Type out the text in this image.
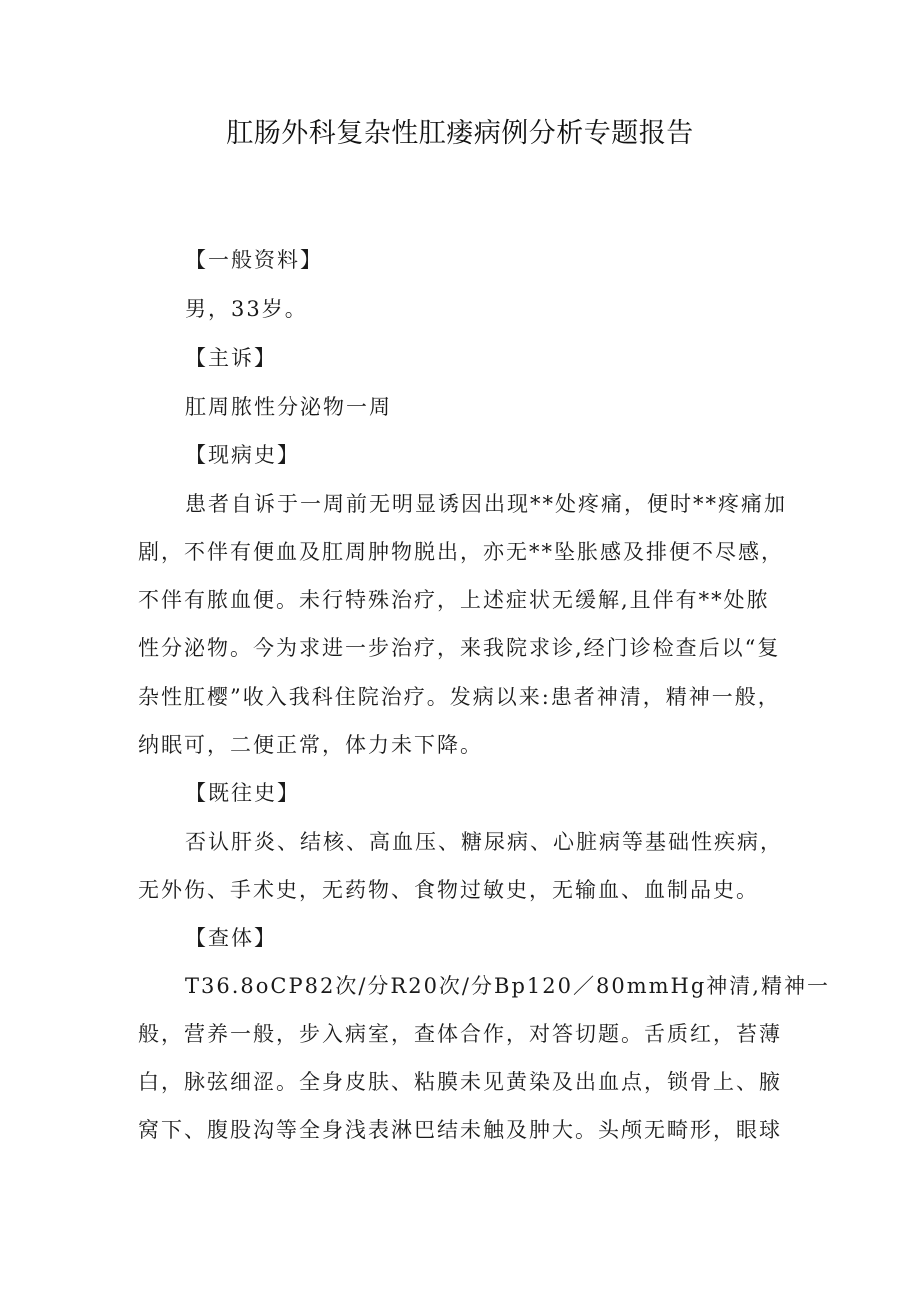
肛肠外科复杂性肛瘘病例分析专题报告

【一般资料】

男，33岁。

【主诉】

肛周脓性分泌物一周

【现病史】

患者自诉于一周前无明显诱因出现**处疼痛，便时**疼痛加

剧，不伴有便血及肛周肿物脱出，亦无**坠胀感及排便不尽感，

不伴有脓血便。未行特殊治疗，上述症状无缓解,且伴有**处脓

性分泌物。今为求进一步治疗，来我院求诊,经门诊检查后以“复

杂性肛樱”收入我科住院治疗。发病以来:患者神清，精神一般，

纳眠可，二便正常，体力未下降。

【既往史】

否认肝炎、结核、高血压、糖尿病、心脏病等基础性疾病，

无外伤、手术史，无药物、食物过敏史，无输血、血制品史。

【查体】

T36.8oCP82次/分R20次/分Bp120／80mmHg神清,精神一

般，营养一般，步入病室，查体合作，对答切题。舌质红，苔薄

白，脉弦细涩。全身皮肤、粘膜未见黄染及出血点，锁骨上、腋

窝下、腹股沟等全身浅表淋巴结未触及肿大。头颅无畸形，眼球
